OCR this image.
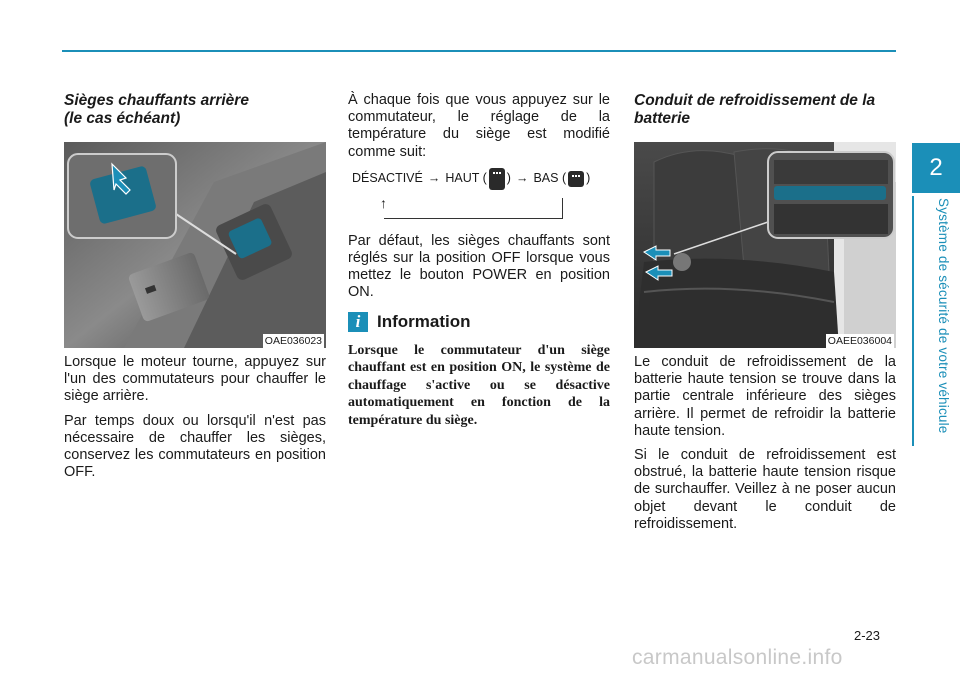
2
Système de sécurité de votre véhicule
Sièges chauffants arrière
(le cas échéant)
OAE036023

Lorsque le moteur tourne, appuyez sur l'un des commutateurs pour chauffer le siège arrière.

Par temps doux ou lorsqu'il n'est pas nécessaire de chauffer les sièges, conservez les commutateurs en position OFF.

À chaque fois que vous appuyez sur le commutateur, le réglage de la température du siège est modifié comme suit:

DÉSACTIVÉ → HAUT ( ) → BAS ( )
↑

Par défaut, les sièges chauffants sont réglés sur la position OFF lorsque vous mettez le bouton POWER en position ON.

i Information
Lorsque le commutateur d'un siège chauffant est en position ON, le système de chauffage s'active ou se désactive automatiquement en fonction de la température du siège.
Conduit de refroidissement de la batterie
OAEE036004

Le conduit de refroidissement de la batterie haute tension se trouve dans la partie centrale inférieure des sièges arrière. Il permet de refroidir la batterie haute tension.

Si le conduit de refroidissement est obstrué, la batterie haute tension risque de surchauffer. Veillez à ne poser aucun objet devant le conduit de refroidissement.

2-23
carmanualsonline.info
